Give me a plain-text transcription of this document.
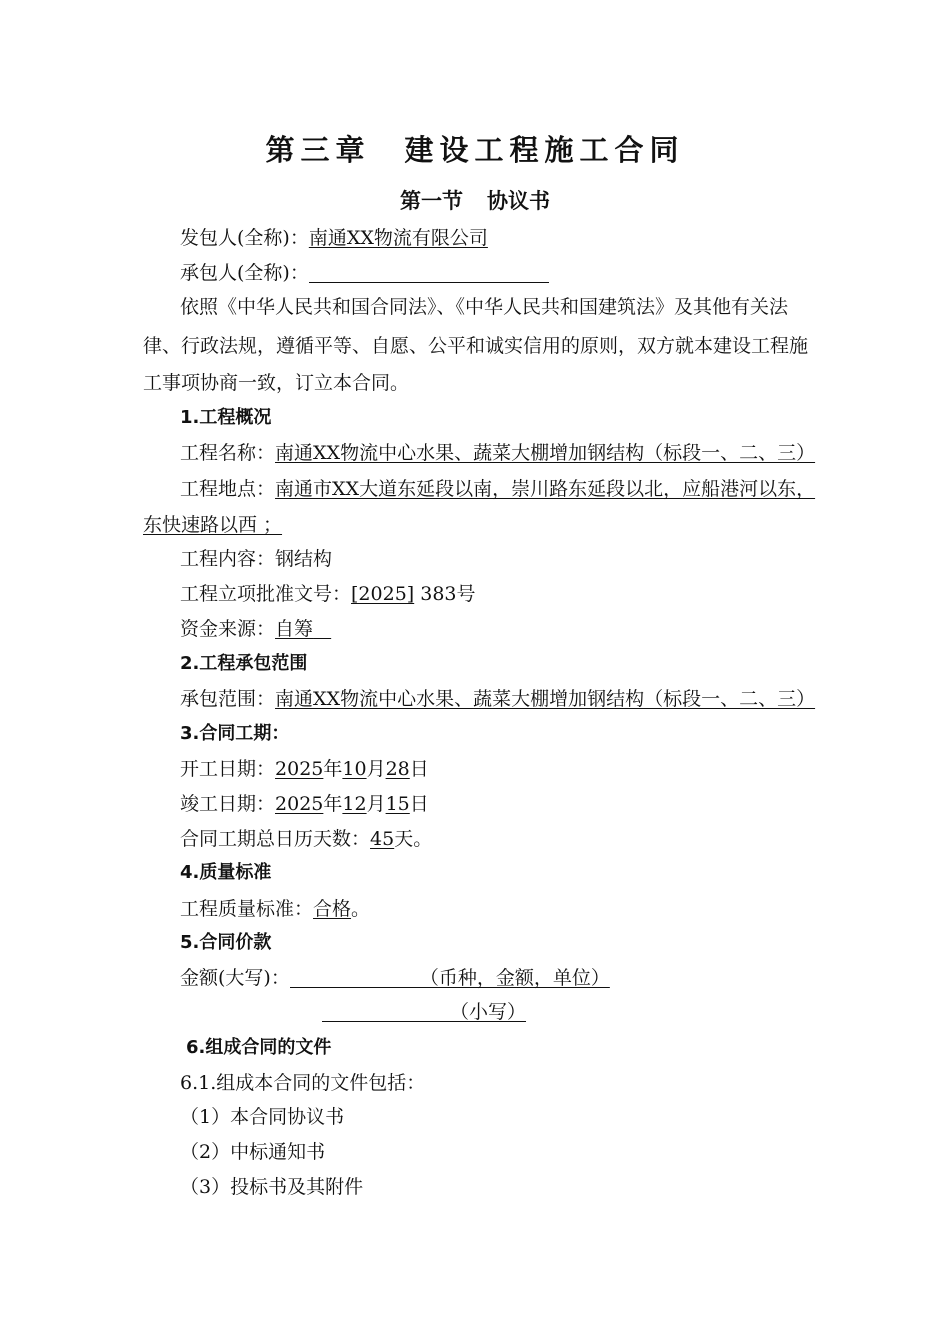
第三章 建设工程施工合同
第一节 协议书
发包人(全称)：南通XX物流有限公司
承包人(全称)：
依照《中华人民共和国合同法》、《中华人民共和国建筑法》及其他有关法
律、行政法规，遵循平等、自愿、公平和诚实信用的原则，双方就本建设工程施
工事项协商一致，订立本合同。
1.工程概况
工程名称：南通XX物流中心水果、蔬菜大棚增加钢结构（标段一、二、三）
工程地点：南通市XX大道东延段以南，崇川路东延段以北，应船港河以东，
东快速路以西 ；
工程内容：钢结构
工程立项批准文号：[2025] 383号
资金来源：自筹
2.工程承包范围
承包范围：南通XX物流中心水果、蔬菜大棚增加钢结构（标段一、二、三）
3.合同工期：
开工日期：2025年10月28日
竣工日期：2025年12月15日
合同工期总日历天数：45天。
4.质量标准
工程质量标准：合格。
5.合同价款
金额(大写)：	（币种，金额，单位）
（小写）
6.组成合同的文件
6.1.组成本合同的文件包括：
（1）本合同协议书
（2）中标通知书
（3）投标书及其附件
